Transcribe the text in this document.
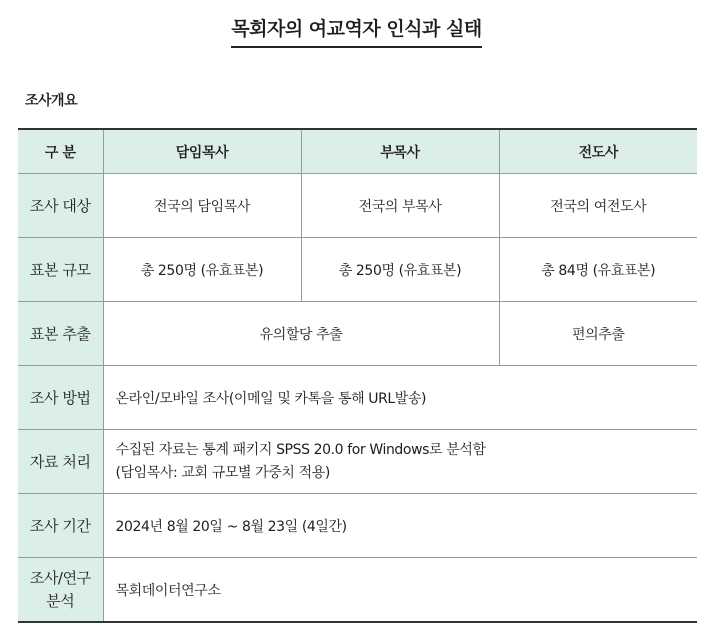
목회자의 여교역자 인식과 실태
조사개요
구 분	담임목사	부목사	전도사
조사 대상	전국의 담임목사	전국의 부목사	전국의 여전도사
표본 규모	총 250명 (유효표본)	총 250명 (유효표본)	총 84명 (유효표본)
표본 추출	유의할당 추출		편의추출
조사 방법	온라인/모바일 조사(이메일 및 카톡을 통해 URL발송)		
자료 처리	수집된 자료는 통계 패키지 SPSS 20.0 for Windows로 분석함
(담임목사: 교회 규모별 가중치 적용)		

조사 기간	2024년 8월 20일 ~ 8월 23일 (4일간)		

조사/연구
분석	목회데이터연구소		
